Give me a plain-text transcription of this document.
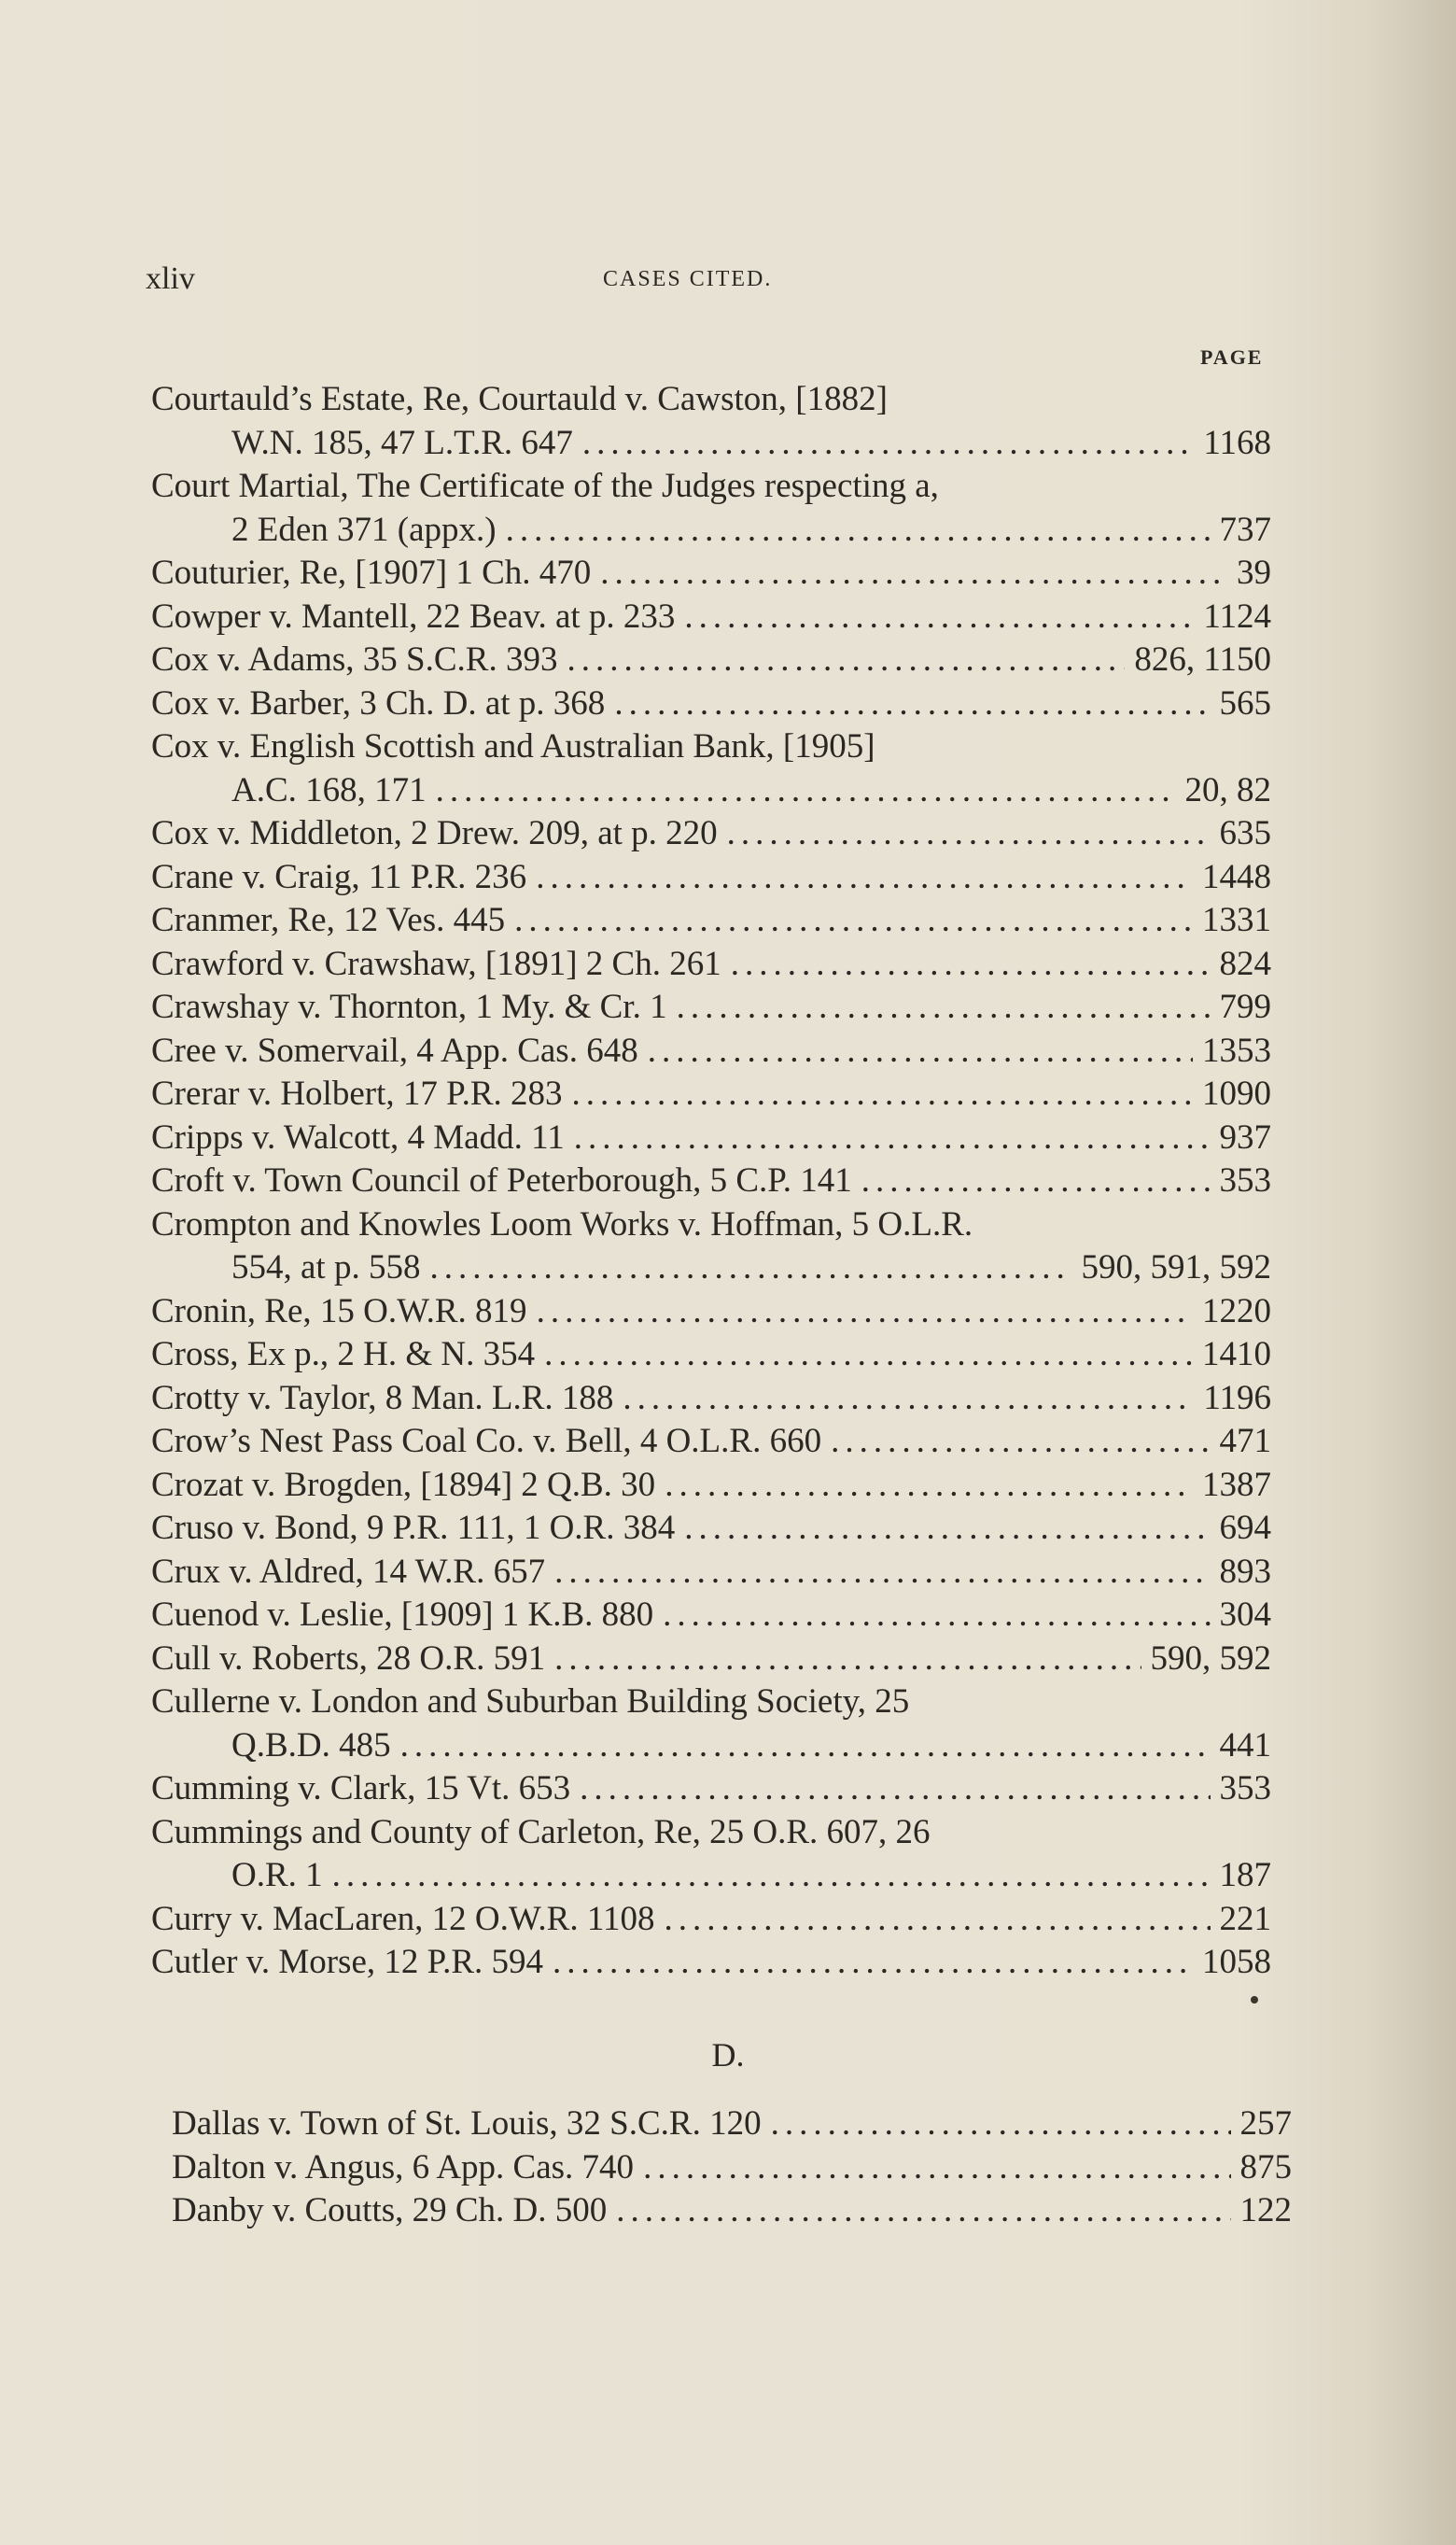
xliv	CASES CITED.
PAGE
Courtauld’s Estate, Re, Courtauld v. Cawston, [1882]
W.N. 185, 47 L.T.R. 647 .....	1168
Court Martial, The Certificate of the Judges respecting a,
2 Eden 371 (appx.) .....	737
Couturier, Re, [1907] 1 Ch. 470 .....	39
Cowper v. Mantell, 22 Beav. at p. 233 .....	1124
Cox v. Adams, 35 S.C.R. 393 .....	826, 1150
Cox v. Barber, 3 Ch. D. at p. 368 .....	565
Cox v. English Scottish and Australian Bank, [1905]
A.C. 168, 171 .....	20, 82
Cox v. Middleton, 2 Drew. 209, at p. 220 .....	635
Crane v. Craig, 11 P.R. 236 .....	1448
Cranmer, Re, 12 Ves. 445 .....	1331
Crawford v. Crawshaw, [1891] 2 Ch. 261 .....	824
Crawshay v. Thornton, 1 My. & Cr. 1 .....	799
Cree v. Somervail, 4 App. Cas. 648 .....	1353
Crerar v. Holbert, 17 P.R. 283 .....	1090
Cripps v. Walcott, 4 Madd. 11 .....	937
Croft v. Town Council of Peterborough, 5 C.P. 141 .....	353
Crompton and Knowles Loom Works v. Hoffman, 5 O.L.R.
554, at p. 558 .....	590, 591, 592
Cronin, Re, 15 O.W.R. 819 .....	1220
Cross, Ex p., 2 H. & N. 354 .....	1410
Crotty v. Taylor, 8 Man. L.R. 188 .....	1196
Crow’s Nest Pass Coal Co. v. Bell, 4 O.L.R. 660 .....	471
Crozat v. Brogden, [1894] 2 Q.B. 30 .....	1387
Cruso v. Bond, 9 P.R. 111, 1 O.R. 384 .....	694
Crux v. Aldred, 14 W.R. 657 .....	893
Cuenod v. Leslie, [1909] 1 K.B. 880 .....	304
Cull v. Roberts, 28 O.R. 591 .....	590, 592
Cullerne v. London and Suburban Building Society, 25
Q.B.D. 485 .....	441
Cumming v. Clark, 15 Vt. 653 .....	353
Cummings and County of Carleton, Re, 25 O.R. 607, 26
O.R. 1 .....	187
Curry v. MacLaren, 12 O.W.R. 1108 .....	221
Cutler v. Morse, 12 P.R. 594 .....	1058
D.
Dallas v. Town of St. Louis, 32 S.C.R. 120 .....	257
Dalton v. Angus, 6 App. Cas. 740 .....	875
Danby v. Coutts, 29 Ch. D. 500 .....	122
